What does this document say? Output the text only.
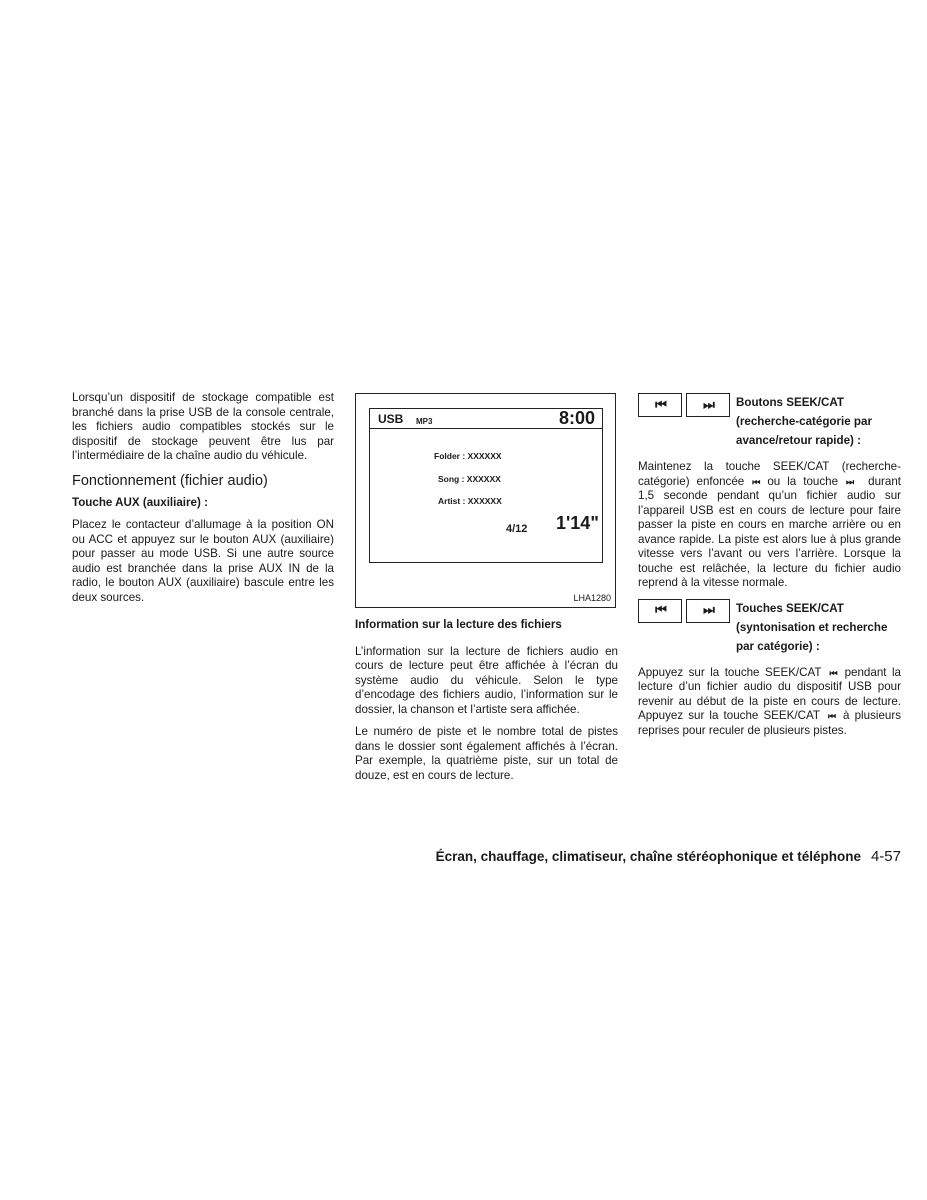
Lorsqu’un dispositif de stockage compatible est branché dans la prise USB de la console centrale, les fichiers audio compatibles stockés sur le dispositif de stockage peuvent être lus par l’intermédiaire de la chaîne audio du véhicule.

Fonctionnement (fichier audio)
Touche AUX (auxiliaire) :

Placez le contacteur d’allumage à la position ON ou ACC et appuyez sur le bouton AUX (auxiliaire) pour passer au mode USB. Si une autre source audio est branchée dans la prise AUX IN de la radio, le bouton AUX (auxiliaire) bascule entre les deux sources.

USB MP3	8:00
Folder : XXXXXX
Song : XXXXXX
Artist : XXXXXX
4/12 1'14"
LHA1280
Information sur la lecture des fichiers

L’information sur la lecture de fichiers audio en cours de lecture peut être affichée à l’écran du système audio du véhicule. Selon le type d’encodage des fichiers audio, l’information sur le dossier, la chanson et l’artiste sera affichée.

Le numéro de piste et le nombre total de pistes dans le dossier sont également affichés à l’écran. Par exemple, la quatrième piste, sur un total de douze, est en cours de lecture.

⏮	⏭	Boutons SEEK/CAT (recherche-catégorie par avance/retour rapide) :

Maintenez la touche SEEK/CAT (recherche-catégorie) enfoncée ⏮ ou la touche ⏭ durant 1,5 seconde pendant qu’un fichier audio sur l’appareil USB est en cours de lecture pour faire passer la piste en cours en marche arrière ou en avance rapide. La piste est alors lue à plus grande vitesse vers l’avant ou vers l’arrière. Lorsque la touche est relâchée, la lecture du fichier audio reprend à la vitesse normale.

⏮	⏭	Touches SEEK/CAT (syntonisation et recherche par catégorie) :

Appuyez sur la touche SEEK/CAT ⏮ pendant la lecture d’un fichier audio du dispositif USB pour revenir au début de la piste en cours de lecture. Appuyez sur la touche SEEK/CAT ⏮ à plusieurs reprises pour reculer de plusieurs pistes.

Écran, chauffage, climatiseur, chaîne stéréophonique et téléphone 4-57
